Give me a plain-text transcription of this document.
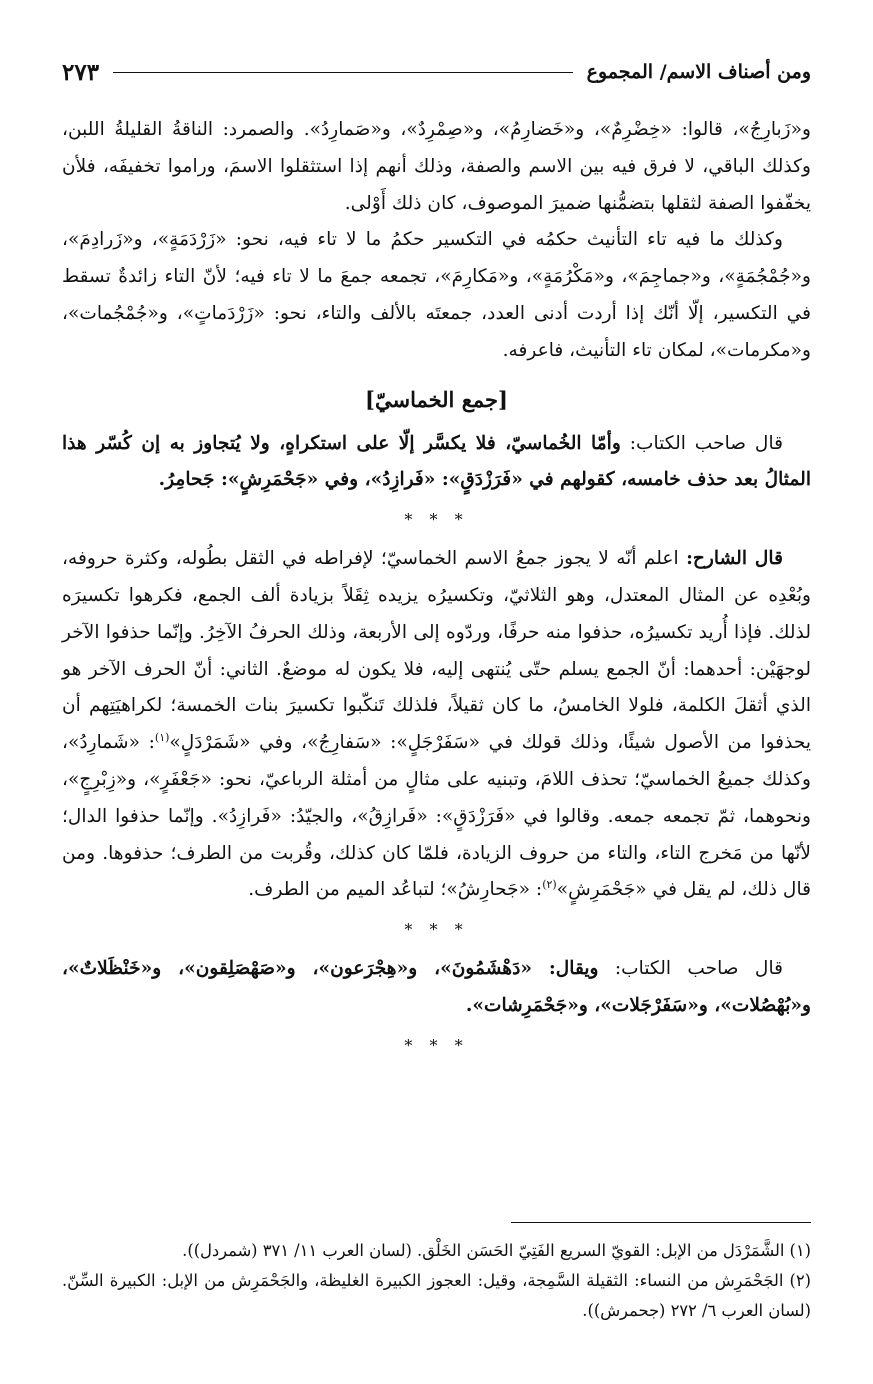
ومن أصناف الاسم/ المجموع
٢٧٣

و«زَبارِجُ»، قالوا: «خِضْرِمٌ»، و«خَضارِمُ»، و«صِمْرِدٌ»، و«صَمارِدُ». والصمرد: الناقةُ القليلةُ اللبن، وكذلك الباقي، لا فرق فيه بين الاسم والصفة، وذلك أنهم إذا استثقلوا الاسمَ، وراموا تخفيفَه، فلأن يخفّفوا الصفة لثقلها بتضمُّنها ضميرَ الموصوف، كان ذلك أَوْلى.

وكذلك ما فيه تاء التأنيث حكمُه في التكسير حكمُ ما لا تاء فيه، نحو: «زَرْدَمَةٍ»، و«زَرادِمَ»، و«جُمْجُمَةٍ»، و«جماجِمَ»، و«مَكْرُمَةٍ»، و«مَكارِمَ»، تجمعه جمعَ ما لا تاء فيه؛ لأنّ التاء زائدةٌ تسقط في التكسير، إلّا أنّك إذا أردت أدنى العدد، جمعتَه بالألف والتاء، نحو: «زَرْدَماتٍ»، و«جُمْجُمات»، و«مكرمات»، لمكان تاء التأنيث، فاعرفه.

[جمع الخماسيّ]

قال صاحب الكتاب: وأمّا الخُماسيّ، فلا يكسَّر إلّا على استكراهٍ، ولا يُتجاوز به إن كُسّر هذا المثالُ بعد حذف خامسه، كقولهم في «فَرَزْدَقٍ»: «فَرازِدُ»، وفي «جَحْمَرِشٍ»: جَحامِرُ.

* * *

قال الشارح: اعلم أنّه لا يجوز جمعُ الاسم الخماسيّ؛ لإفراطه في الثقل بطُوله، وكثرة حروفه، وبُعْدِه عن المثال المعتدل، وهو الثلاثيّ، وتكسيرُه يزيده ثِقَلاً بزيادة ألف الجمع، فكرهوا تكسيرَه لذلك. فإذا أُريد تكسيرُه، حذفوا منه حرفًا، وردّوه إلى الأربعة، وذلك الحرفُ الآخِرُ. وإنّما حذفوا الآخر لوجهَيْن: أحدهما: أنّ الجمع يسلم حتّى يُنتهى إليه، فلا يكون له موضعٌ. الثاني: أنّ الحرف الآخر هو الذي أثقلَ الكلمة، فلولا الخامسُ، ما كان ثقيلاً، فلذلك تَنكّبوا تكسيرَ بنات الخمسة؛ لكراهيَتِهم أن يحذفوا من الأصول شيئًا، وذلك قولك في «سَفَرْجَلٍ»: «سَفارِجُ»، وفي «شَمَرْدَلٍ»$^{(١)}$: «شَمارِدُ»، وكذلك جميعُ الخماسيّ؛ تحذف اللامَ، وتبنيه على مثالٍ من أمثلة الرباعيّ، نحو: «جَعْفَرٍ»، و«زِبْرِجٍ»، ونحوهما، ثمّ تجمعه جمعه. وقالوا في «فَرَزْدَقٍ»: «فَرازِقُ»، والجيّدُ: «فَرازِدُ». وإنّما حذفوا الدال؛ لأنّها من مَخرج التاء، والتاء من حروف الزيادة، فلمّا كان كذلك، وقُربت من الطرف؛ حذفوها. ومن قال ذلك، لم يقل في «جَحْمَرِشٍ»$^{(٢)}$: «جَحارِشُ»؛ لتباعُد الميم من الطرف.

* * *

قال صاحب الكتاب: ويقال: «دَهْشَمُونَ»، و«هِجْرَعون»، و«صَهْصَلِقون»، و«خَنْظَلاتٌ»، و«بُهْصُلات»، و«سَفَرْجَلات»، و«جَحْمَرِشات».

* * *

(١) الشَّمَرْدَل من الإبل: القويّ السريع الفَتِيّ الحَسَن الخَلْق. (لسان العرب ١١/ ٣٧١ (شمردل)).

(٢) الجَحْمَرِش من النساء: الثقيلة السَّمِجة، وقيل: العجوز الكبيرة الغليظة، والجَحْمَرِش من الإبل: الكبيرة السِّنّ. (لسان العرب ٦/ ٢٧٢ (جحمرش)).
